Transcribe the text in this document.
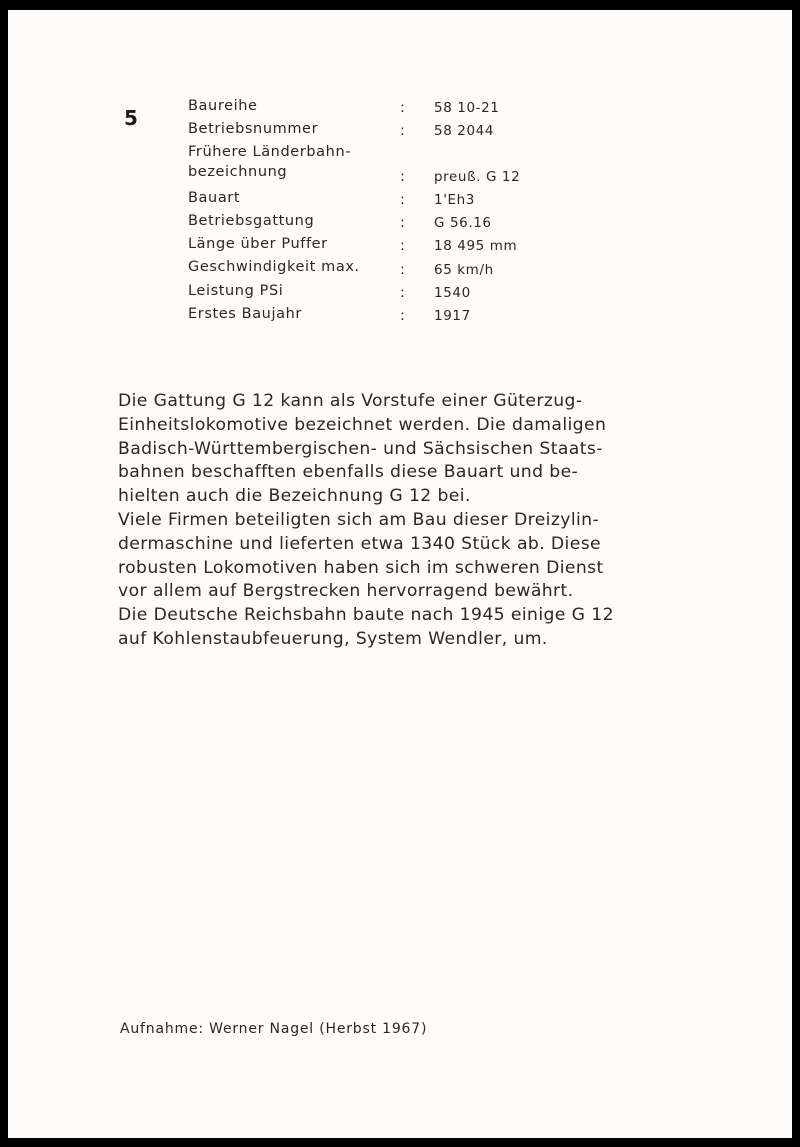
5	Baureihe	: 58 10-21
Betriebsnummer	: 58 2044
Frühere Länderbahn-
bezeichnung	: preuß. G 12
Bauart	: 1'Eh3
Betriebsgattung	: G 56.16
Länge über Puffer	: 18 495 mm
Geschwindigkeit max.	: 65 km/h
Leistung PSi	: 1540
Erstes Baujahr	: 1917

Die Gattung G 12 kann als Vorstufe einer Güterzug-

Einheitslokomotive bezeichnet werden. Die damaligen

Badisch-Württembergischen- und Sächsischen Staats-

bahnen beschafften ebenfalls diese Bauart und be-

hielten auch die Bezeichnung G 12 bei.

Viele Firmen beteiligten sich am Bau dieser Dreizylin-

dermaschine und lieferten etwa 1340 Stück ab. Diese

robusten Lokomotiven haben sich im schweren Dienst

vor allem auf Bergstrecken hervorragend bewährt.

Die Deutsche Reichsbahn baute nach 1945 einige G 12

auf Kohlenstaubfeuerung, System Wendler, um.

Aufnahme: Werner Nagel (Herbst 1967)
